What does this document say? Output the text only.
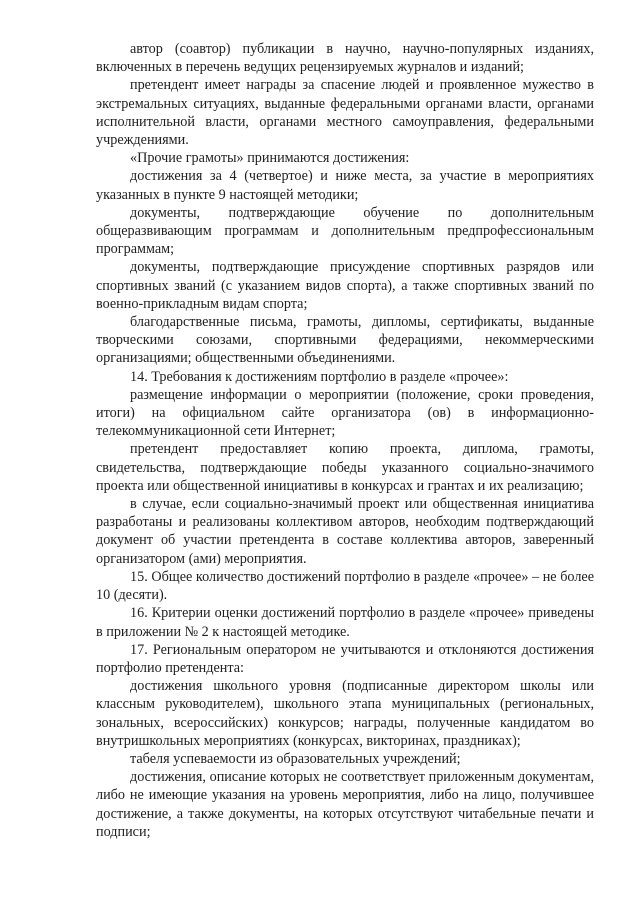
автор (соавтор) публикации в научно, научно-популярных изданиях, включенных в перечень ведущих рецензируемых журналов и изданий;

претендент имеет награды за спасение людей и проявленное мужество в экстремальных ситуациях, выданные федеральными органами власти, органами исполнительной власти, органами местного самоуправления, федеральными учреждениями.

«Прочие грамоты» принимаются достижения:

достижения за 4 (четвертое) и ниже места, за участие в мероприятиях указанных в пункте 9 настоящей методики;

документы, подтверждающие обучение по дополнительным общеразвивающим программам и дополнительным предпрофессиональным программам;

документы, подтверждающие присуждение спортивных разрядов или спортивных званий (с указанием видов спорта), а также спортивных званий по военно-прикладным видам спорта;

благодарственные письма, грамоты, дипломы, сертификаты, выданные творческими союзами, спортивными федерациями, некоммерческими организациями; общественными объединениями.

14. Требования к достижениям портфолио в разделе «прочее»:

размещение информации о мероприятии (положение, сроки проведения, итоги) на официальном сайте организатора (ов) в информационно-телекоммуникационной сети Интернет;

претендент предоставляет копию проекта, диплома, грамоты, свидетельства, подтверждающие победы указанного социально-значимого проекта или общественной инициативы в конкурсах и грантах и их реализацию;

в случае, если социально-значимый проект или общественная инициатива разработаны и реализованы коллективом авторов, необходим подтверждающий документ об участии претендента в составе коллектива авторов, заверенный организатором (ами) мероприятия.

15. Общее количество достижений портфолио в разделе «прочее» – не более 10 (десяти).

16. Критерии оценки достижений портфолио в разделе «прочее» приведены в приложении № 2 к настоящей методике.

17. Региональным оператором не учитываются и отклоняются достижения портфолио претендента:

достижения школьного уровня (подписанные директором школы или классным руководителем), школьного этапа муниципальных (региональных, зональных, всероссийских) конкурсов; награды, полученные кандидатом во внутришкольных мероприятиях (конкурсах, викторинах, праздниках);

табеля успеваемости из образовательных учреждений;

достижения, описание которых не соответствует приложенным документам, либо не имеющие указания на уровень мероприятия, либо на лицо, получившее достижение, а также документы, на которых отсутствуют читабельные печати и подписи;
